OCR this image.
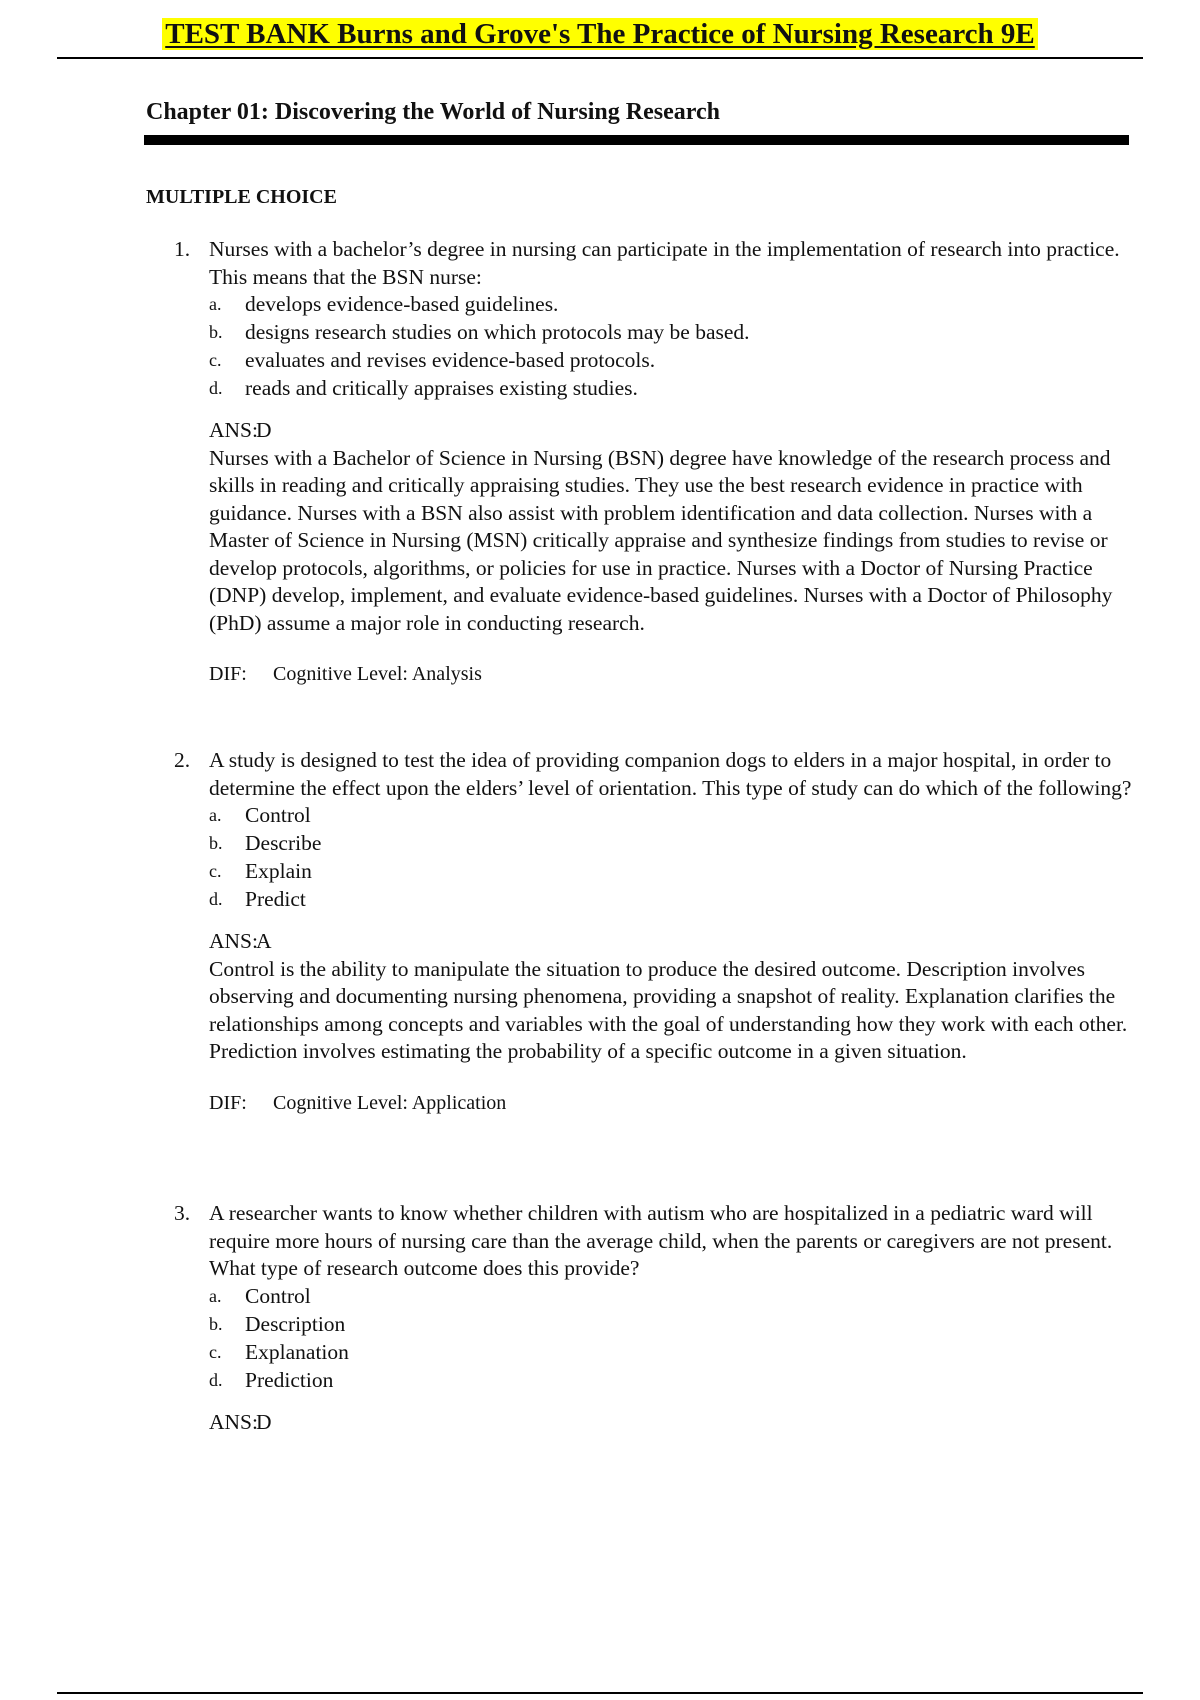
TEST BANK Burns and Grove's The Practice of Nursing Research 9E
Chapter 01: Discovering the World of Nursing Research
MULTIPLE CHOICE
1. Nurses with a bachelor’s degree in nursing can participate in the implementation of research into practice. This means that the BSN nurse:
a. develops evidence-based guidelines.
b. designs research studies on which protocols may be based.
c. evaluates and revises evidence-based protocols.
d. reads and critically appraises existing studies.
ANS:D

Nurses with a Bachelor of Science in Nursing (BSN) degree have knowledge of the research process and skills in reading and critically appraising studies. They use the best research evidence in practice with guidance. Nurses with a BSN also assist with problem identification and data collection. Nurses with a Master of Science in Nursing (MSN) critically appraise and synthesize findings from studies to revise or develop protocols, algorithms, or policies for use in practice. Nurses with a Doctor of Nursing Practice (DNP) develop, implement, and evaluate evidence-based guidelines. Nurses with a Doctor of Philosophy (PhD) assume a major role in conducting research.

DIF: Cognitive Level: Analysis
2. A study is designed to test the idea of providing companion dogs to elders in a major hospital, in order to determine the effect upon the elders’ level of orientation. This type of study can do which of the following?
a. Control
b. Describe
c. Explain
d. Predict
ANS:A

Control is the ability to manipulate the situation to produce the desired outcome. Description involves observing and documenting nursing phenomena, providing a snapshot of reality. Explanation clarifies the relationships among concepts and variables with the goal of understanding how they work with each other. Prediction involves estimating the probability of a specific outcome in a given situation.

DIF: Cognitive Level: Application
3. A researcher wants to know whether children with autism who are hospitalized in a pediatric ward will require more hours of nursing care than the average child, when the parents or caregivers are not present. What type of research outcome does this provide?
a. Control
b. Description
c. Explanation
d. Prediction
ANS:D
